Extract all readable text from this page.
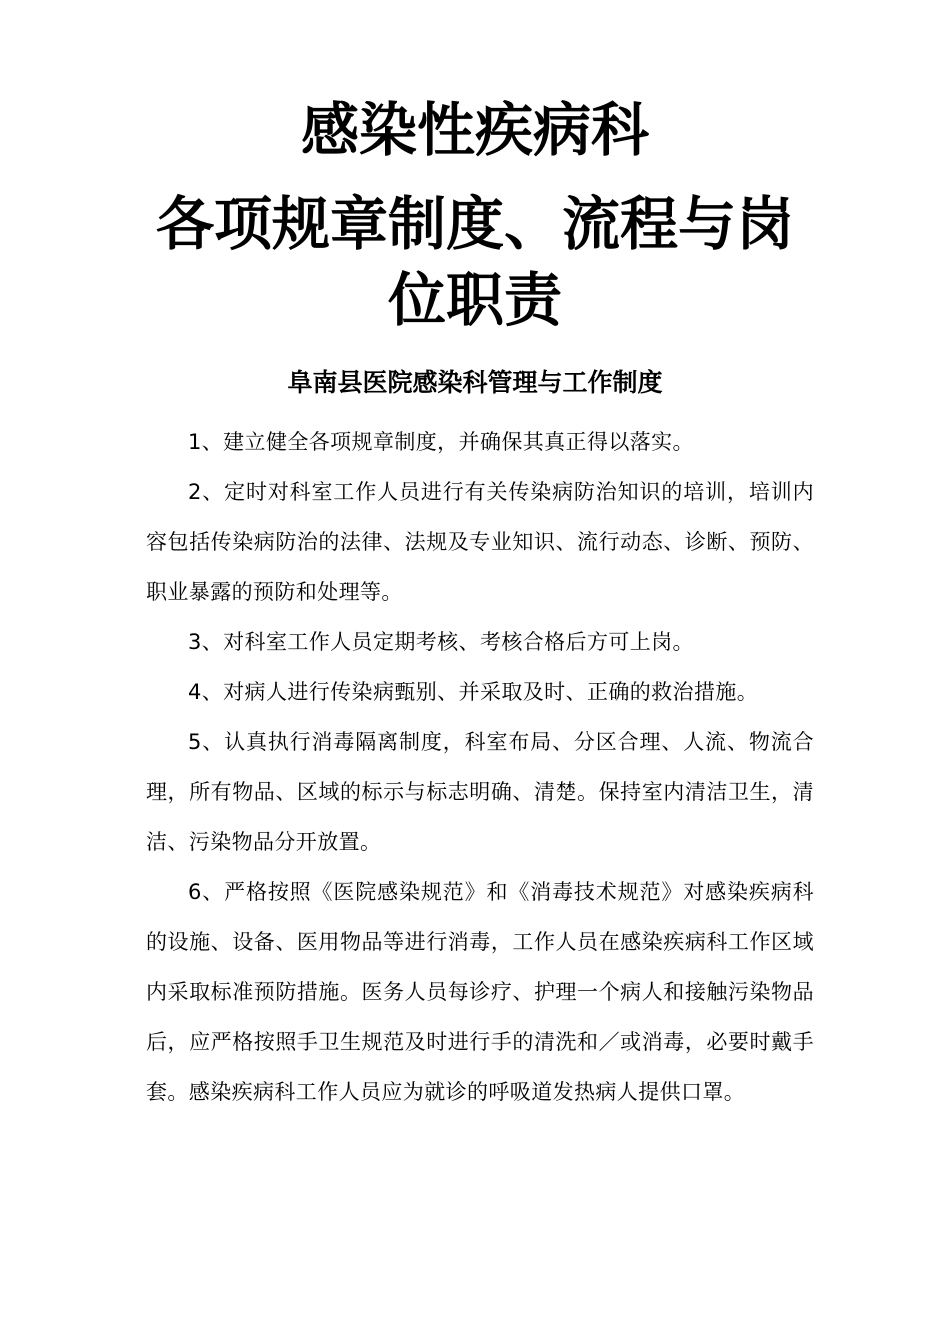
感染性疾病科
各项规章制度、流程与岗
位职责
阜南县医院感染科管理与工作制度

1、建立健全各项规章制度，并确保其真正得以落实。

2、定时对科室工作人员进行有关传染病防治知识的培训，培训内容包括传染病防治的法律、法规及专业知识、流行动态、诊断、预防、职业暴露的预防和处理等。

3、对科室工作人员定期考核、考核合格后方可上岗。

4、对病人进行传染病甄别、并采取及时、正确的救治措施。

5、认真执行消毒隔离制度，科室布局、分区合理、人流、物流合理，所有物品、区域的标示与标志明确、清楚。保持室内清洁卫生，清洁、污染物品分开放置。

6、严格按照《医院感染规范》和《消毒技术规范》对感染疾病科的设施、设备、医用物品等进行消毒，工作人员在感染疾病科工作区域内采取标准预防措施。医务人员每诊疗、护理一个病人和接触污染物品后，应严格按照手卫生规范及时进行手的清洗和／或消毒，必要时戴手套。感染疾病科工作人员应为就诊的呼吸道发热病人提供口罩。
